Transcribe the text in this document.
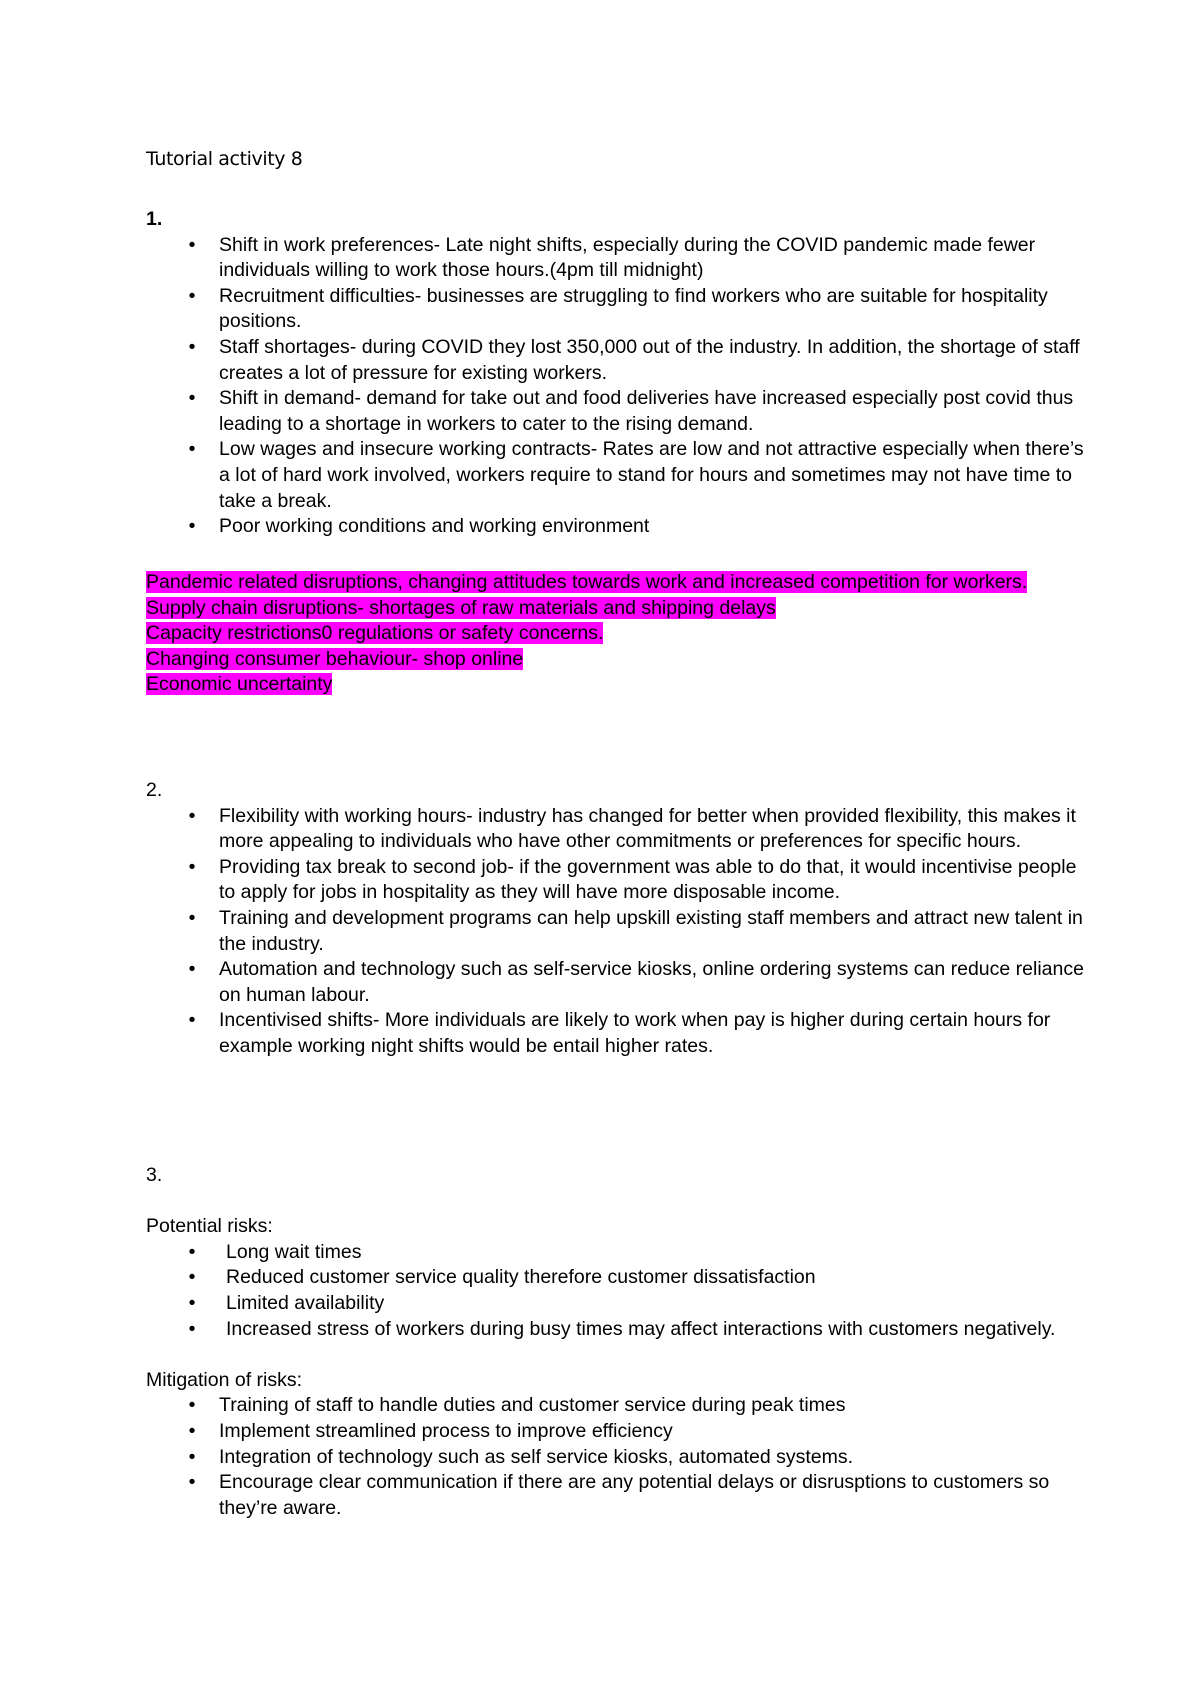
Tutorial activity 8

1.

• Shift in work preferences- Late night shifts, especially during the COVID pandemic made fewer individuals willing to work those hours.(4pm till midnight)
• Recruitment difficulties- businesses are struggling to find workers who are suitable for hospitality positions.
• Staff shortages- during COVID they lost 350,000 out of the industry. In addition, the shortage of staff creates a lot of pressure for existing workers.
• Shift in demand- demand for take out and food deliveries have increased especially post covid thus leading to a shortage in workers to cater to the rising demand.
• Low wages and insecure working contracts- Rates are low and not attractive especially when there’s a lot of hard work involved, workers require to stand for hours and sometimes may not have time to take a break.
• Poor working conditions and working environment

Pandemic related disruptions, changing attitudes towards work and increased competition for workers.

Supply chain disruptions- shortages of raw materials and shipping delays

Capacity restrictions0 regulations or safety concerns.

Changing consumer behaviour- shop online

Economic uncertainty

2.

• Flexibility with working hours- industry has changed for better when provided flexibility, this makes it more appealing to individuals who have other commitments or preferences for specific hours.
• Providing tax break to second job- if the government was able to do that, it would incentivise people to apply for jobs in hospitality as they will have more disposable income.
• Training and development programs can help upskill existing staff members and attract new talent in the industry.
• Automation and technology such as self-service kiosks, online ordering systems can reduce reliance on human labour.
• Incentivised shifts- More individuals are likely to work when pay is higher during certain hours for example working night shifts would be entail higher rates.

3.

Potential risks:

• Long wait times
• Reduced customer service quality therefore customer dissatisfaction
• Limited availability
• Increased stress of workers during busy times may affect interactions with customers negatively.

Mitigation of risks:

• Training of staff to handle duties and customer service during peak times
• Implement streamlined process to improve efficiency
• Integration of technology such as self service kiosks, automated systems.
• Encourage clear communication if there are any potential delays or disrusptions to customers so they’re aware.
